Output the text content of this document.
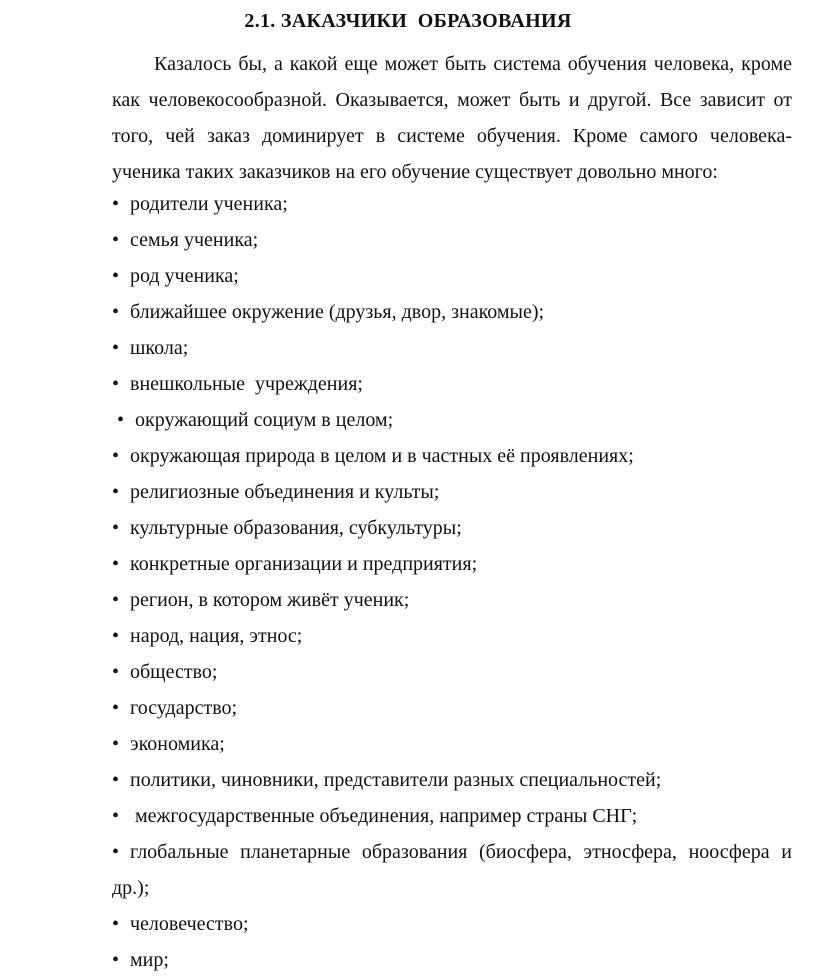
2.1. ЗАКАЗЧИКИ  ОБРАЗОВАНИЯ

Казалось бы, а какой еще может быть система обучения человека, кроме как человекосообразной. Оказывается, может быть и другой. Все зависит от того, чей заказ доминирует в системе обучения. Кроме самого человека-ученика таких заказчиков на его обучение существует довольно много:

• родители ученика;
• семья ученика;
• род ученика;
• ближайшее окружение (друзья, двор, знакомые);
• школа;
• внешкольные  учреждения;
• окружающий социум в целом;
• окружающая природа в целом и в частных её проявлениях;
• религиозные объединения и культы;
• культурные образования, субкультуры;
• конкретные организации и предприятия;
• регион, в котором живёт ученик;
• народ, нация, этнос;
• общество;
• государство;
• экономика;
• политики, чиновники, представители разных специальностей;
• межгосударственные объединения, например страны СНГ;
• глобальные планетарные образования (биосфера, этносфера, ноосфера и др.);
• человечество;
• мир;
